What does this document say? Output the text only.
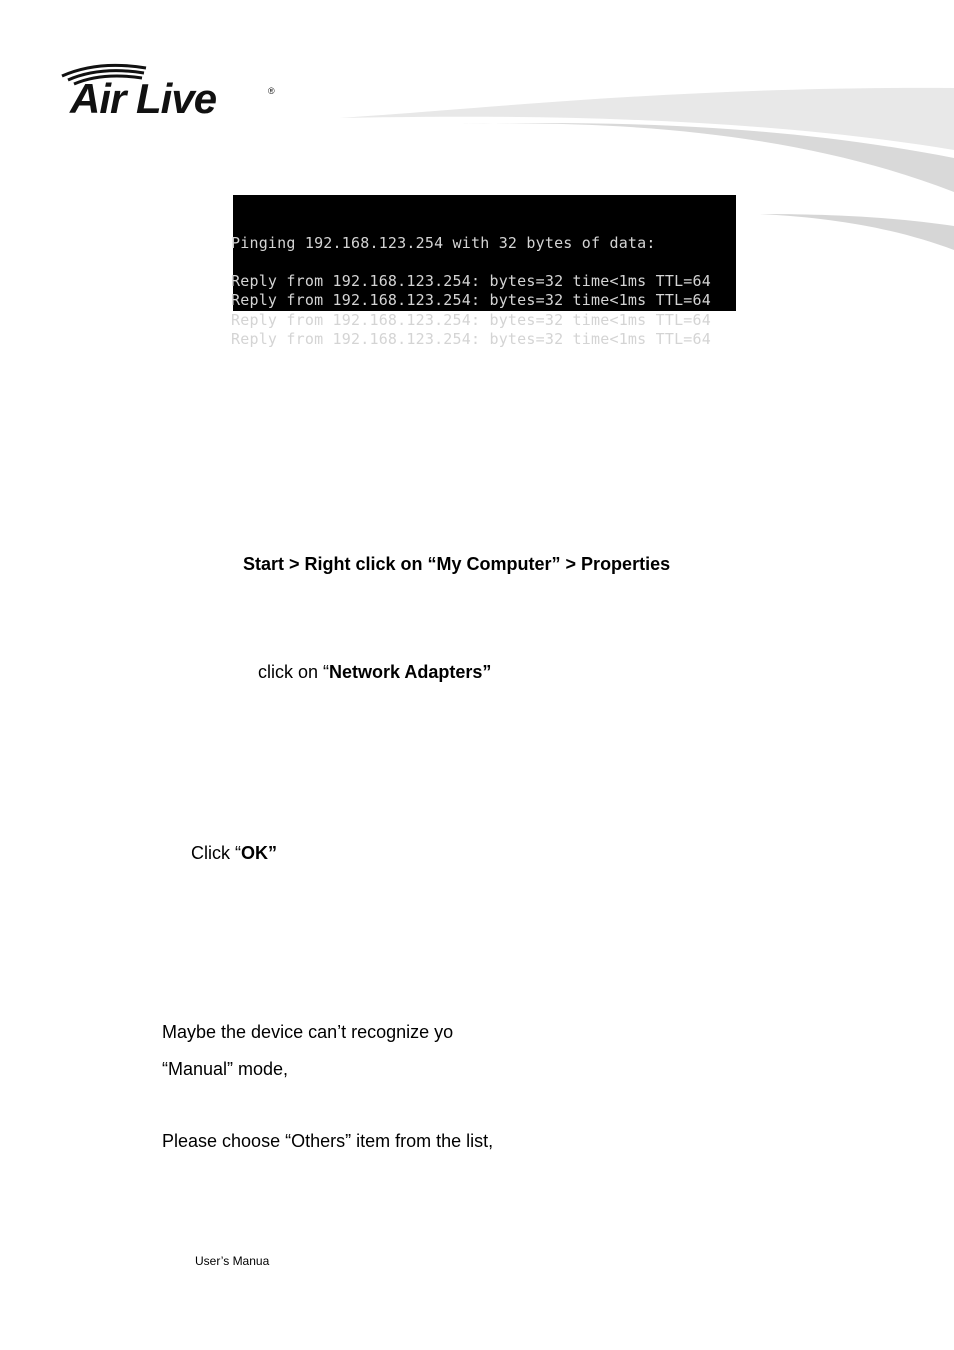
Air Live	®

Pinging 192.168.123.254 with 32 bytes of data:
Reply from 192.168.123.254: bytes=32 time<1ms TTL=64
Reply from 192.168.123.254: bytes=32 time<1ms TTL=64
Reply from 192.168.123.254: bytes=32 time<1ms TTL=64
Reply from 192.168.123.254: bytes=32 time<1ms TTL=64

Start > Right click on “My Computer” > Properties
click on “Network Adapters”
Click “OK”
Maybe the device can’t recognize yo
“Manual” mode,
Please choose “Others” item from the list,
User’s Manua
